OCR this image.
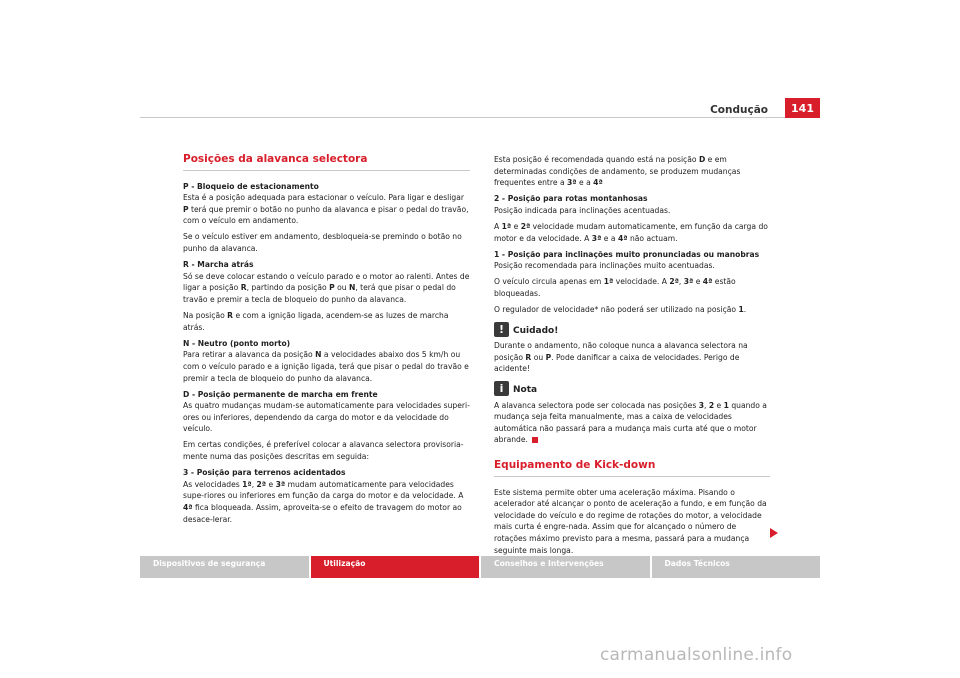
Condução	141
Posições da alavanca selectora

P - Bloqueio de estacionamento

Esta é a posição adequada para estacionar o veículo. Para ligar e desligar P terá que premir o botão no punho da alavanca e pisar o pedal do travão, com o veículo em andamento.

Se o veículo estiver em andamento, desbloqueia-se premindo o botão no punho da alavanca.

R - Marcha atrás

Só se deve colocar estando o veículo parado e o motor ao ralenti. Antes de ligar a posição R, partindo da posição P ou N, terá que pisar o pedal do travão e premir a tecla de bloqueio do punho da alavanca.

Na posição R e com a ignição ligada, acendem-se as luzes de marcha atrás.

N - Neutro (ponto morto)

Para retirar a alavanca da posição N a velocidades abaixo dos 5 km/h ou com o veículo parado e a ignição ligada, terá que pisar o pedal do travão e premir a tecla de bloqueio do punho da alavanca.

D - Posição permanente de marcha em frente

As quatro mudanças mudam-se automaticamente para velocidades superi-ores ou inferiores, dependendo da carga do motor e da velocidade do veículo.

Em certas condições, é preferível colocar a alavanca selectora provisoria-mente numa das posições descritas em seguida:

3 - Posição para terrenos acidentados

As velocidades 1ª, 2ª e 3ª mudam automaticamente para velocidades supe-riores ou inferiores em função da carga do motor e da velocidade. A 4ª fica bloqueada. Assim, aproveita-se o efeito de travagem do motor ao desace-lerar.

Esta posição é recomendada quando está na posição D e em determinadas condições de andamento, se produzem mudanças frequentes entre a 3ª e a 4ª

2 - Posição para rotas montanhosas

Posição indicada para inclinações acentuadas.

A 1ª e 2ª velocidade mudam automaticamente, em função da carga do motor e da velocidade. A 3ª e a 4ª não actuam.

1 - Posição para inclinações muito pronunciadas ou manobras

Posição recomendada para inclinações muito acentuadas.

O veículo circula apenas em 1ª velocidade. A 2ª, 3ª e 4ª estão bloqueadas.

O regulador de velocidade* não poderá ser utilizado na posição 1.

! Cuidado!

Durante o andamento, não coloque nunca a alavanca selectora na posição R ou P. Pode danificar a caixa de velocidades. Perigo de acidente!

i	Nota

A alavanca selectora pode ser colocada nas posições 3, 2 e 1 quando a mudança seja feita manualmente, mas a caixa de velocidades automática não passará para a mudança mais curta até que o motor abrande.

Equipamento de Kick-down

Este sistema permite obter uma aceleração máxima. Pisando o acelerador até alcançar o ponto de aceleração a fundo, e em função da velocidade do veículo e do regime de rotações do motor, a velocidade mais curta é engre-nada. Assim que for alcançado o número de rotações máximo previsto para a mesma, passará para a mudança seguinte mais longa.

Dispositivos de segurança	Utilização	Conselhos e Intervenções	Dados Técnicos
carmanualsonline.info
